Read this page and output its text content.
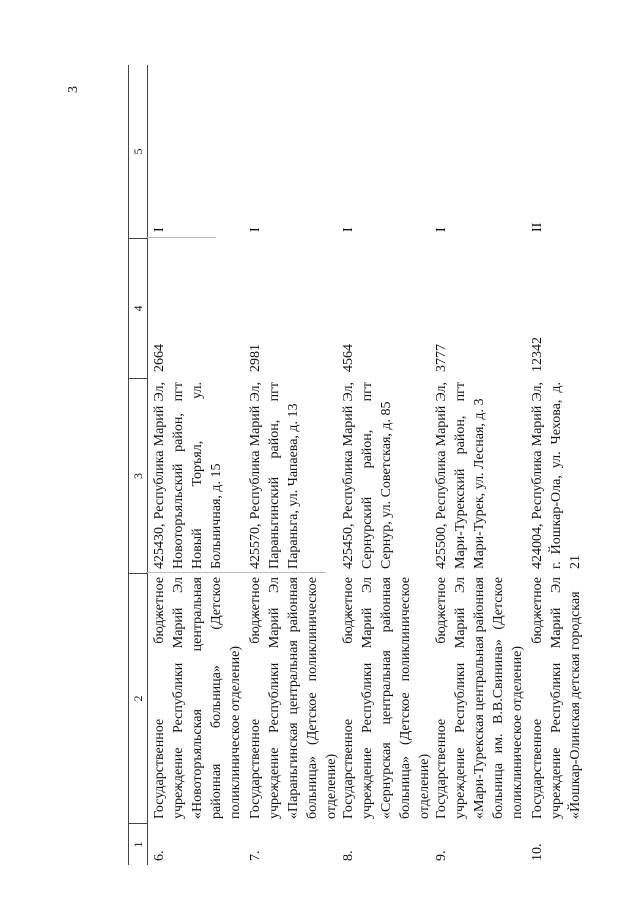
3
1
2
3
4
5
6.
Государственное бюджетное учреждение Республики Марий Эл «Новоторъяльская центральная районная больница» (Детское поликлиническое отделение)
425430, Республика Марий Эл, Новоторъяльский район, пгт Новый Торъял, ул. Больничная, д. 15
2664
I
7.
Государственное бюджетное учреждение Республики Марий Эл «Параньгинская центральная районная больница» (Детское поликлиническое отделение)
425570, Республика Марий Эл, Параньгинский район, пгт Параньга, ул. Чапаева, д. 13
2981
I
8.
Государственное бюджетное учреждение Республики Марий Эл «Сернурская центральная районная больница» (Детское поликлиническое отделение)
425450, Республика Марий Эл, Сернурский район, пгт Сернур, ул. Советская, д. 85
4564
I
9.
Государственное бюджетное учреждение Республики Марий Эл «Мари-Турекская центральная районная больница им. В.В.Свинина» (Детское поликлиническое отделение)
425500, Республика Марий Эл, Мари-Турекский район, пгт Мари-Турек, ул. Лесная, д. 3
3777
I
10.
Государственное бюджетное учреждение Республики Марий Эл «Йошкар-Олинская детская городская
424004, Республика Марий Эл, г. Йошкар-Ола, ул. Чехова, д. 21
12342
II
